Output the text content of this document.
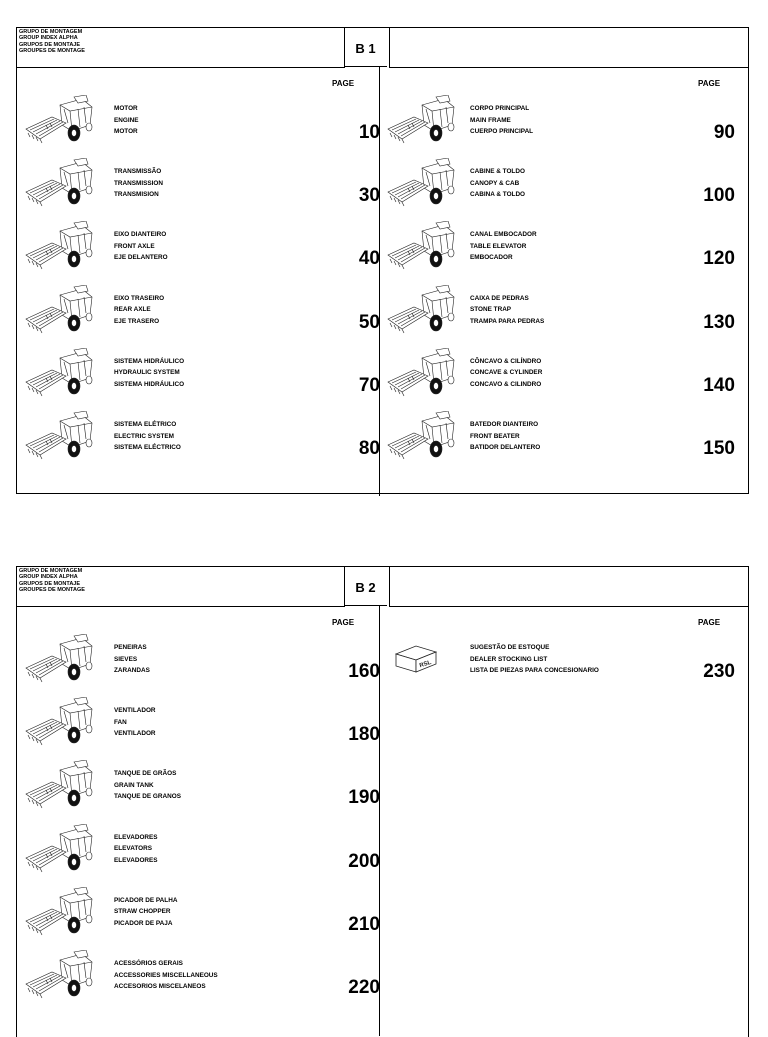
GRUPO DE MONTAGEM
GROUP INDEX ALPHA
GRUPOS DE MONTAJE
GROUPES DE MONTAGE	B 1
PAGE	PAGE
MOTOR
ENGINE
MOTOR	10
TRANSMISSÃO
TRANSMISSION
TRANSMISION	30
EIXO DIANTEIRO
FRONT AXLE
EJE DELANTERO	40
EIXO TRASEIRO
REAR AXLE
EJE TRASERO	50
SISTEMA HIDRÁULICO
HYDRAULIC SYSTEM
SISTEMA HIDRÁULICO	70
SISTEMA ELÉTRICO
ELECTRIC SYSTEM
SISTEMA ELÉCTRICO	80
CORPO PRINCIPAL
MAIN FRAME
CUERPO PRINCIPAL	90
CABINE & TOLDO
CANOPY & CAB
CABINA & TOLDO	100
CANAL EMBOCADOR
TABLE ELEVATOR
EMBOCADOR	120
CAIXA DE PEDRAS
STONE TRAP
TRAMPA PARA PEDRAS	130
CÔNCAVO & CILÍNDRO
CONCAVE & CYLINDER
CONCAVO & CILINDRO	140
BATEDOR DIANTEIRO
FRONT BEATER
BATIDOR DELANTERO	150
GRUPO DE MONTAGEM
GROUP INDEX ALPHA
GRUPOS DE MONTAJE
GROUPES DE MONTAGE	B 2
PAGE	PAGE
PENEIRAS
SIEVES
ZARANDAS	160
VENTILADOR
FAN
VENTILADOR	180
TANQUE DE GRÃOS
GRAIN TANK
TANQUE DE GRANOS	190
ELEVADORES
ELEVATORS
ELEVADORES	200
PICADOR DE PALHA
STRAW CHOPPER
PICADOR DE PAJA	210
ACESSÓRIOS GERAIS
ACCESSORIES MISCELLANEOUS
ACCESORIOS MISCELANEOS	220
RSL
SUGESTÃO DE ESTOQUE
DEALER STOCKING LIST
LISTA DE PIEZAS PARA CONCESIONARIO	230
